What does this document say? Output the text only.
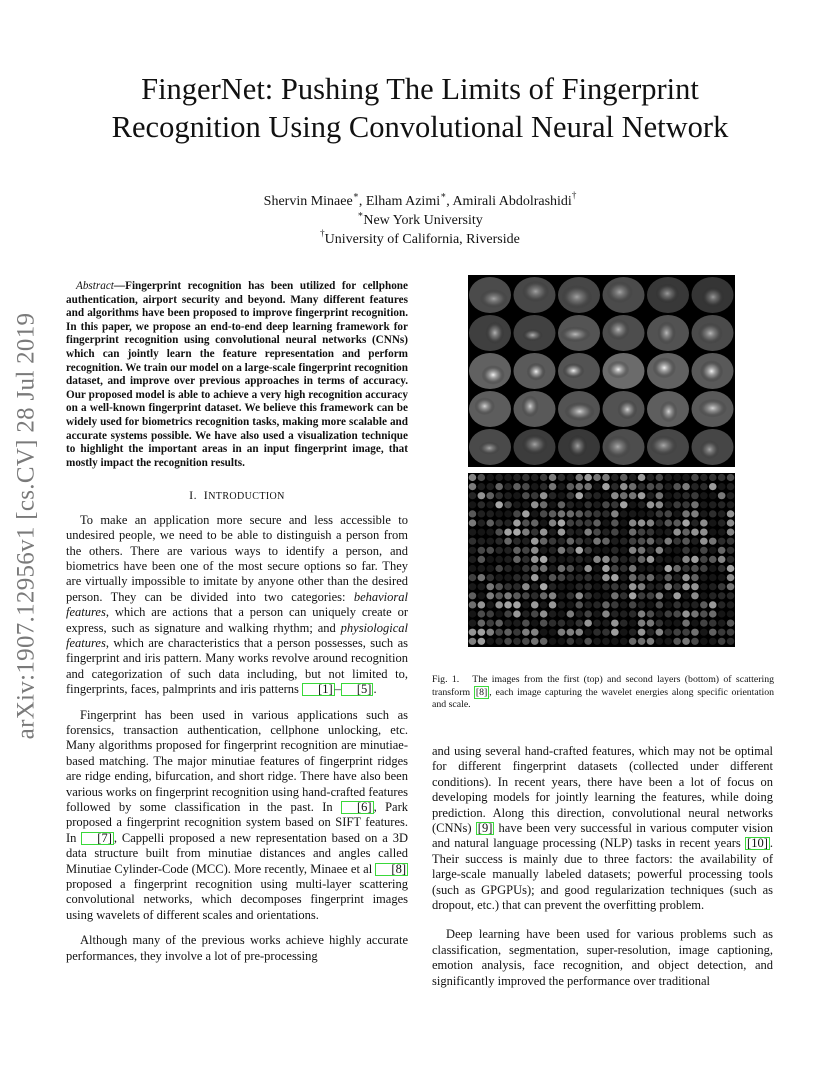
arXiv:1907.12956v1 [cs.CV] 28 Jul 2019
FingerNet: Pushing The Limits of Fingerprint
Recognition Using Convolutional Neural Network
Shervin Minaee∗, Elham Azimi∗, Amirali Abdolrashidi†
∗New York University
†University of California, Riverside

Abstract—Fingerprint recognition has been utilized for cellphone authentication, airport security and beyond. Many different features and algorithms have been proposed to improve fingerprint recognition. In this paper, we propose an end-to-end deep learning framework for fingerprint recognition using convolutional neural networks (CNNs) which can jointly learn the feature representation and perform recognition. We train our model on a large-scale fingerprint recognition dataset, and improve over previous approaches in terms of accuracy. Our proposed model is able to achieve a very high recognition accuracy on a well-known fingerprint dataset. We believe this framework can be widely used for biometrics recognition tasks, making more scalable and accurate systems possible. We have also used a visualization technique to highlight the important areas in an input fingerprint image, that mostly impact the recognition results.

I. INTRODUCTION

To make an application more secure and less accessible to undesired people, we need to be able to distinguish a person from the others. There are various ways to identify a person, and biometrics have been one of the most secure options so far. They are virtually impossible to imitate by anyone other than the desired person. They can be divided into two categories: behavioral features, which are actions that a person can uniquely create or express, such as signature and walking rhythm; and physiological features, which are characteristics that a person possesses, such as fingerprint and iris pattern. Many works revolve around recognition and categorization of such data including, but not limited to, fingerprints, faces, palmprints and iris patterns [1] – [5] .

Fingerprint has been used in various applications such as forensics, transaction authentication, cellphone unlocking, etc. Many algorithms proposed for fingerprint recognition are minutiae-based matching. The major minutiae features of fingerprint ridges are ridge ending, bifurcation, and short ridge. There have also been various works on fingerprint recognition using hand-crafted features followed by some classification in the past. In [6] , Park proposed a fingerprint recognition system based on SIFT features. In [7] , Cappelli proposed a new representation based on a 3D data structure built from minutiae distances and angles called Minutiae Cylinder-Code (MCC). More recently, Minaee et al [8] proposed a fingerprint recognition using multi-layer scattering convolutional networks, which decomposes fingerprint images using wavelets of different scales and orientations.

Although many of the previous works achieve highly accurate performances, they involve a lot of pre-processing

Fig. 1. The images from the first (top) and second layers (bottom) of scattering transform [8] , each image capturing the wavelet energies along specific orientation and scale.

and using several hand-crafted features, which may not be optimal for different fingerprint datasets (collected under different conditions). In recent years, there have been a lot of focus on developing models for jointly learning the features, while doing prediction. Along this direction, convolutional neural networks (CNNs) [9] have been very successful in various computer vision and natural language processing (NLP) tasks in recent years [10] . Their success is mainly due to three factors: the availability of large-scale manually labeled datasets; powerful processing tools (such as GPGPUs); and good regularization techniques (such as dropout, etc.) that can prevent the overfitting problem.

Deep learning have been used for various problems such as classification, segmentation, super-resolution, image captioning, emotion analysis, face recognition, and object detection, and significantly improved the performance over traditional
